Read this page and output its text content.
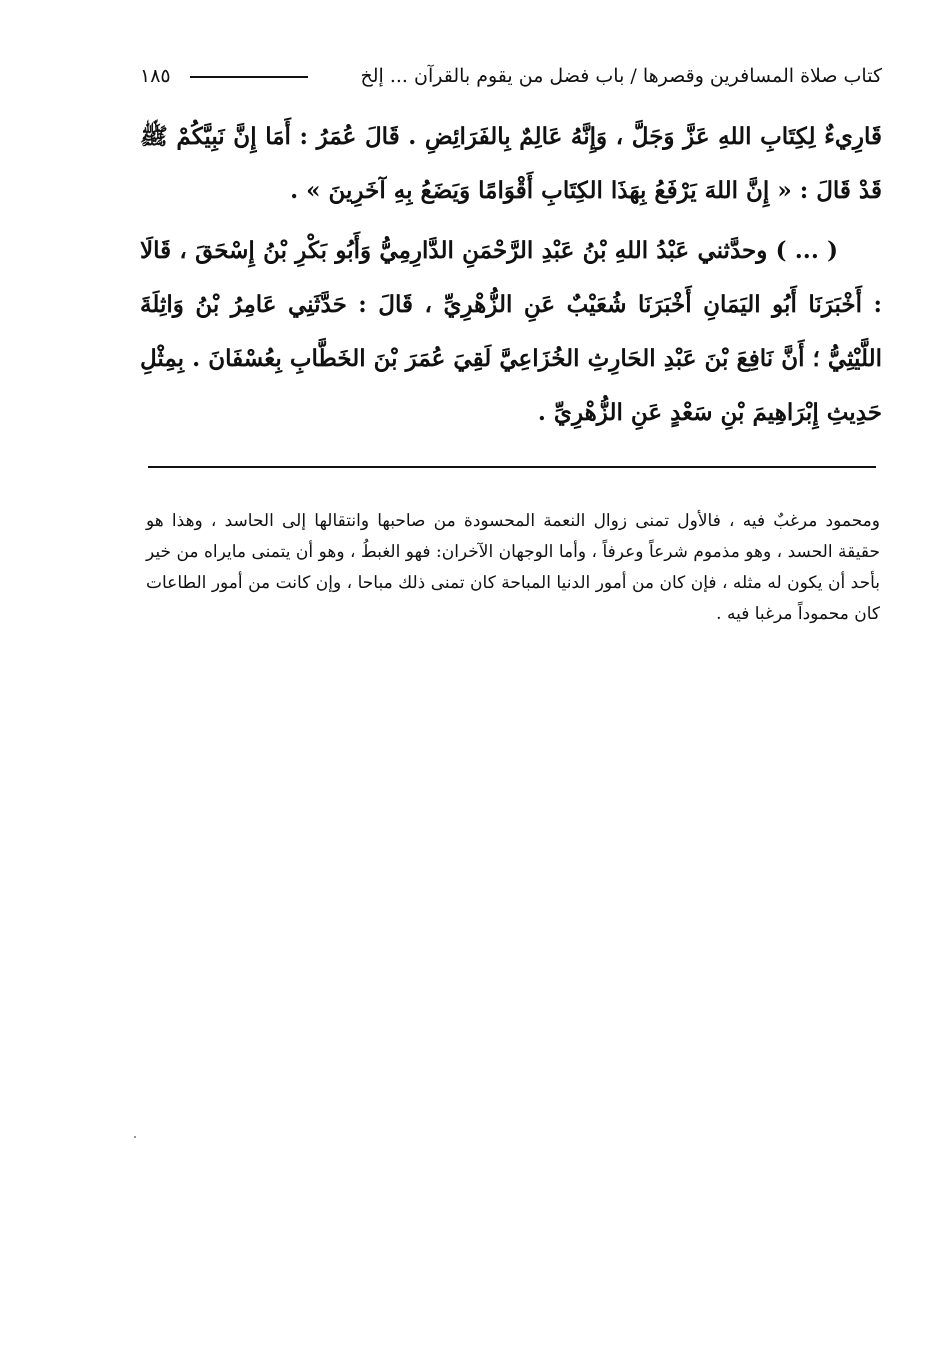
كتاب صلاة المسافرين وقصرها / باب فضل من يقوم بالقرآن ... إلخ
١٨٥

قَارِيءٌ لِكِتَابِ اللهِ عَزَّ وَجَلَّ ، وَإِنَّهُ عَالِمٌ بِالفَرَائِضِ . قَالَ عُمَرُ : أَمَا إِنَّ نَبِيَّكُمْ ﷺ قَدْ قَالَ : « إِنَّ اللهَ يَرْفَعُ بِهَذَا الكِتَابِ أَقْوَامًا وَيَضَعُ بِهِ آخَرِينَ » .

( ... ) وحدَّثني عَبْدُ اللهِ بْنُ عَبْدِ الرَّحْمَنِ الدَّارِمِيُّ وَأَبُو بَكْرِ بْنُ إِسْحَقَ ، قَالَا : أَخْبَرَنَا أَبُو اليَمَانِ أَخْبَرَنَا شُعَيْبٌ عَنِ الزُّهْرِيِّ ، قَالَ : حَدَّثَنِي عَامِرُ بْنُ وَاثِلَةَ اللَّيْثِيُّ ؛ أَنَّ نَافِعَ بْنَ عَبْدِ الحَارِثِ الخُزَاعِيَّ لَقِيَ عُمَرَ بْنَ الخَطَّابِ بِعُسْفَانَ . بِمِثْلِ حَدِيثِ إِبْرَاهِيمَ بْنِ سَعْدٍ عَنِ الزُّهْرِيِّ .

ومحمود مرغبٌ فيه ، فالأول تمنى زوال النعمة المحسودة من صاحبها وانتقالها إلى الحاسد ، وهذا هو حقيقة الحسد ، وهو مذموم شرعاً وعرفاً ، وأما الوجهان الآخران: فهو الغبطُ ، وهو أن يتمنى مايراه من خير بأحد أن يكون له مثله ، فإن كان من أمور الدنيا المباحة كان تمنى ذلك مباحا ، وإن كانت من أمور الطاعات كان محموداً مرغبا فيه .
